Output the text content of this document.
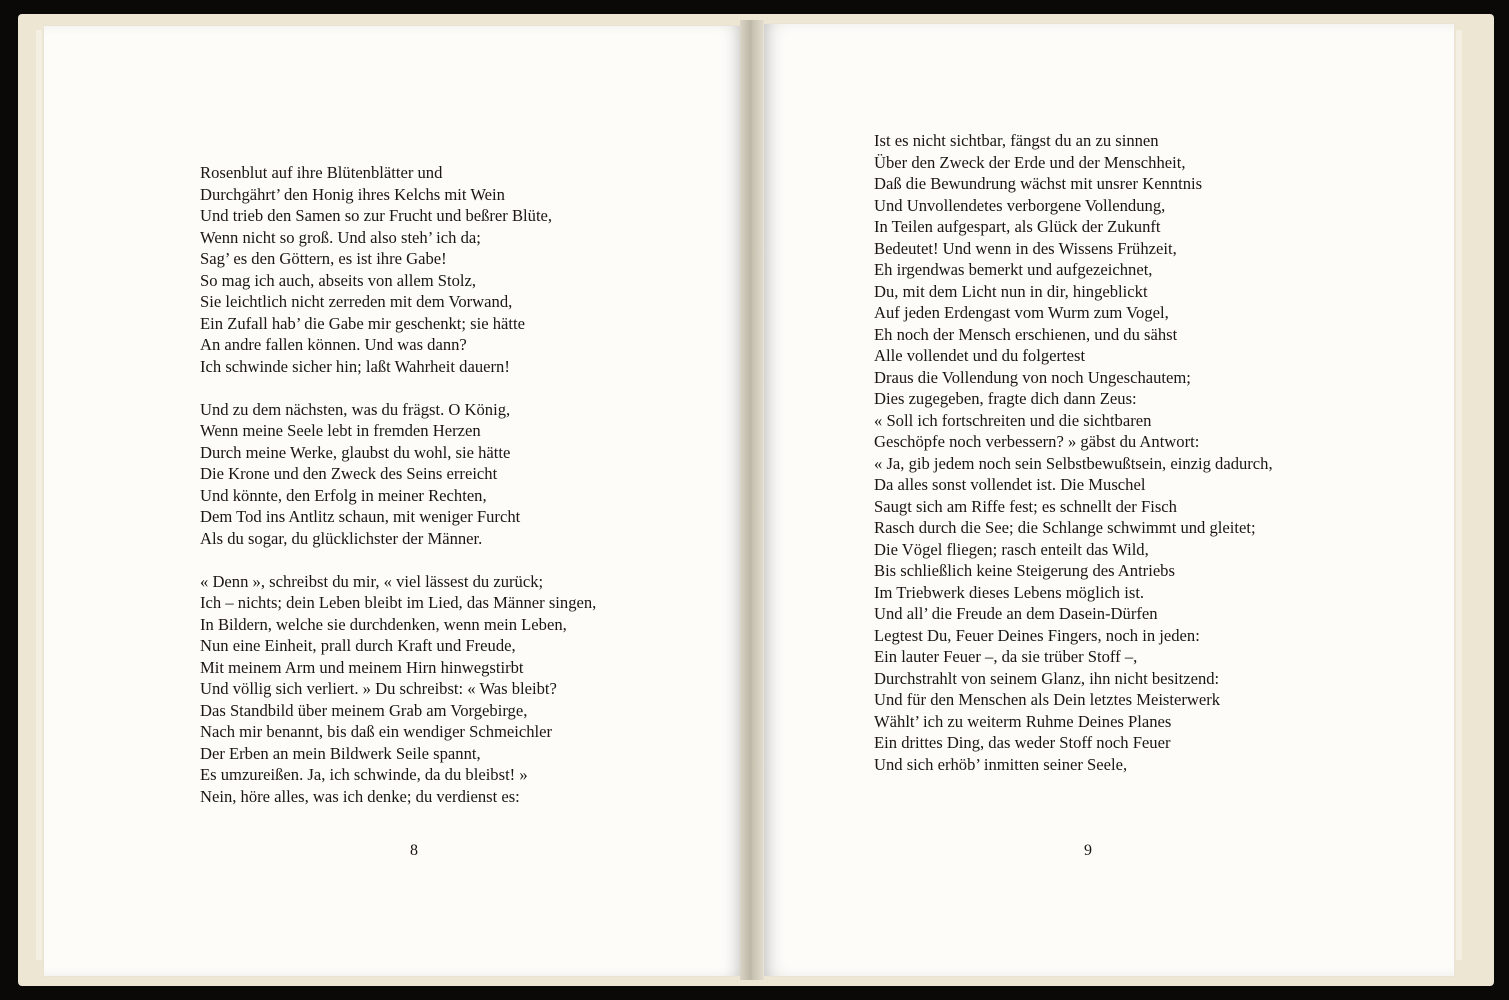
Rosenblut auf ihre Blütenblätter und
Durchgährt’ den Honig ihres Kelchs mit Wein
Und trieb den Samen so zur Frucht und beßrer Blüte,
Wenn nicht so groß. Und also steh’ ich da;
Sag’ es den Göttern, es ist ihre Gabe!
So mag ich auch, abseits von allem Stolz,
Sie leichtlich nicht zerreden mit dem Vorwand,
Ein Zufall hab’ die Gabe mir geschenkt; sie hätte
An andre fallen können. Und was dann?
Ich schwinde sicher hin; laßt Wahrheit dauern!
Und zu dem nächsten, was du frägst. O König,
Wenn meine Seele lebt in fremden Herzen
Durch meine Werke, glaubst du wohl, sie hätte
Die Krone und den Zweck des Seins erreicht
Und könnte, den Erfolg in meiner Rechten,
Dem Tod ins Antlitz schaun, mit weniger Furcht
Als du sogar, du glücklichster der Männer.
« Denn », schreibst du mir, « viel lässest du zurück;
Ich – nichts; dein Leben bleibt im Lied, das Männer singen,
In Bildern, welche sie durchdenken, wenn mein Leben,
Nun eine Einheit, prall durch Kraft und Freude,
Mit meinem Arm und meinem Hirn hinwegstirbt
Und völlig sich verliert. » Du schreibst: « Was bleibt?
Das Standbild über meinem Grab am Vorgebirge,
Nach mir benannt, bis daß ein wendiger Schmeichler
Der Erben an mein Bildwerk Seile spannt,
Es umzureißen. Ja, ich schwinde, da du bleibst! »
Nein, höre alles, was ich denke; du verdienst es:
8
Ist es nicht sichtbar, fängst du an zu sinnen
Über den Zweck der Erde und der Menschheit,
Daß die Bewundrung wächst mit unsrer Kenntnis
Und Unvollendetes verborgene Vollendung,
In Teilen aufgespart, als Glück der Zukunft
Bedeutet! Und wenn in des Wissens Frühzeit,
Eh irgendwas bemerkt und aufgezeichnet,
Du, mit dem Licht nun in dir, hingeblickt
Auf jeden Erdengast vom Wurm zum Vogel,
Eh noch der Mensch erschienen, und du sähst
Alle vollendet und du folgertest
Draus die Vollendung von noch Ungeschautem;
Dies zugegeben, fragte dich dann Zeus:
« Soll ich fortschreiten und die sichtbaren
Geschöpfe noch verbessern? » gäbst du Antwort:
« Ja, gib jedem noch sein Selbstbewußtsein, einzig dadurch,
Da alles sonst vollendet ist. Die Muschel
Saugt sich am Riffe fest; es schnellt der Fisch
Rasch durch die See; die Schlange schwimmt und gleitet;
Die Vögel fliegen; rasch enteilt das Wild,
Bis schließlich keine Steigerung des Antriebs
Im Triebwerk dieses Lebens möglich ist.
Und all’ die Freude an dem Dasein-Dürfen
Legtest Du, Feuer Deines Fingers, noch in jeden:
Ein lauter Feuer –, da sie trüber Stoff –,
Durchstrahlt von seinem Glanz, ihn nicht besitzend:
Und für den Menschen als Dein letztes Meisterwerk
Wählt’ ich zu weiterm Ruhme Deines Planes
Ein drittes Ding, das weder Stoff noch Feuer
Und sich erhöb’ inmitten seiner Seele,
9
